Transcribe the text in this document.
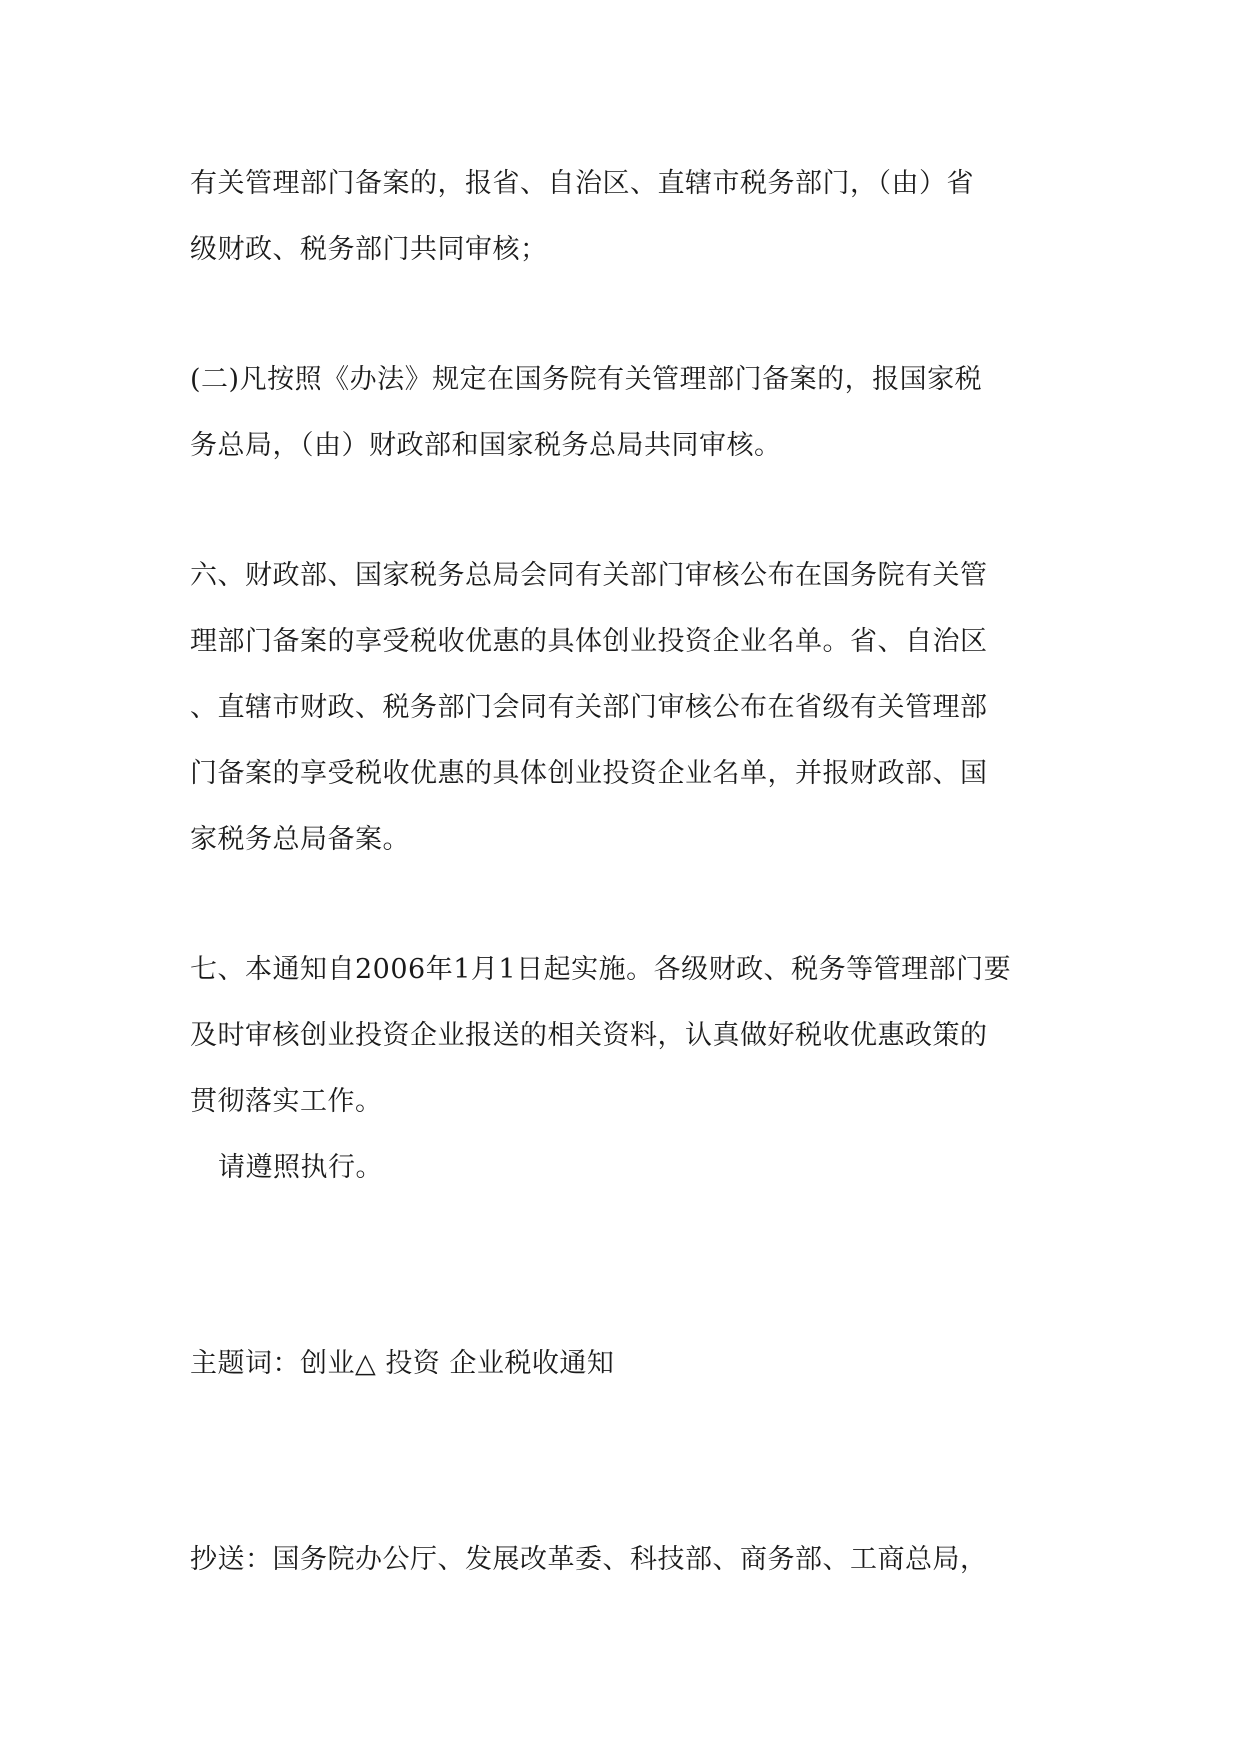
有关管理部门备案的，报省、自治区、直辖市税务部门，（由）省
级财政、税务部门共同审核；
(二)凡按照《办法》规定在国务院有关管理部门备案的，报国家税
务总局，（由）财政部和国家税务总局共同审核。
六、财政部、国家税务总局会同有关部门审核公布在国务院有关管
理部门备案的享受税收优惠的具体创业投资企业名单。省、自治区
、直辖市财政、税务部门会同有关部门审核公布在省级有关管理部
门备案的享受税收优惠的具体创业投资企业名单，并报财政部、国
家税务总局备案。
七、本通知自2006年1月1日起实施。各级财政、税务等管理部门要
及时审核创业投资企业报送的相关资料，认真做好税收优惠政策的
贯彻落实工作。
请遵照执行。
主题词：创业△ 投资 企业税收通知
抄送：国务院办公厅、发展改革委、科技部、商务部、工商总局，
